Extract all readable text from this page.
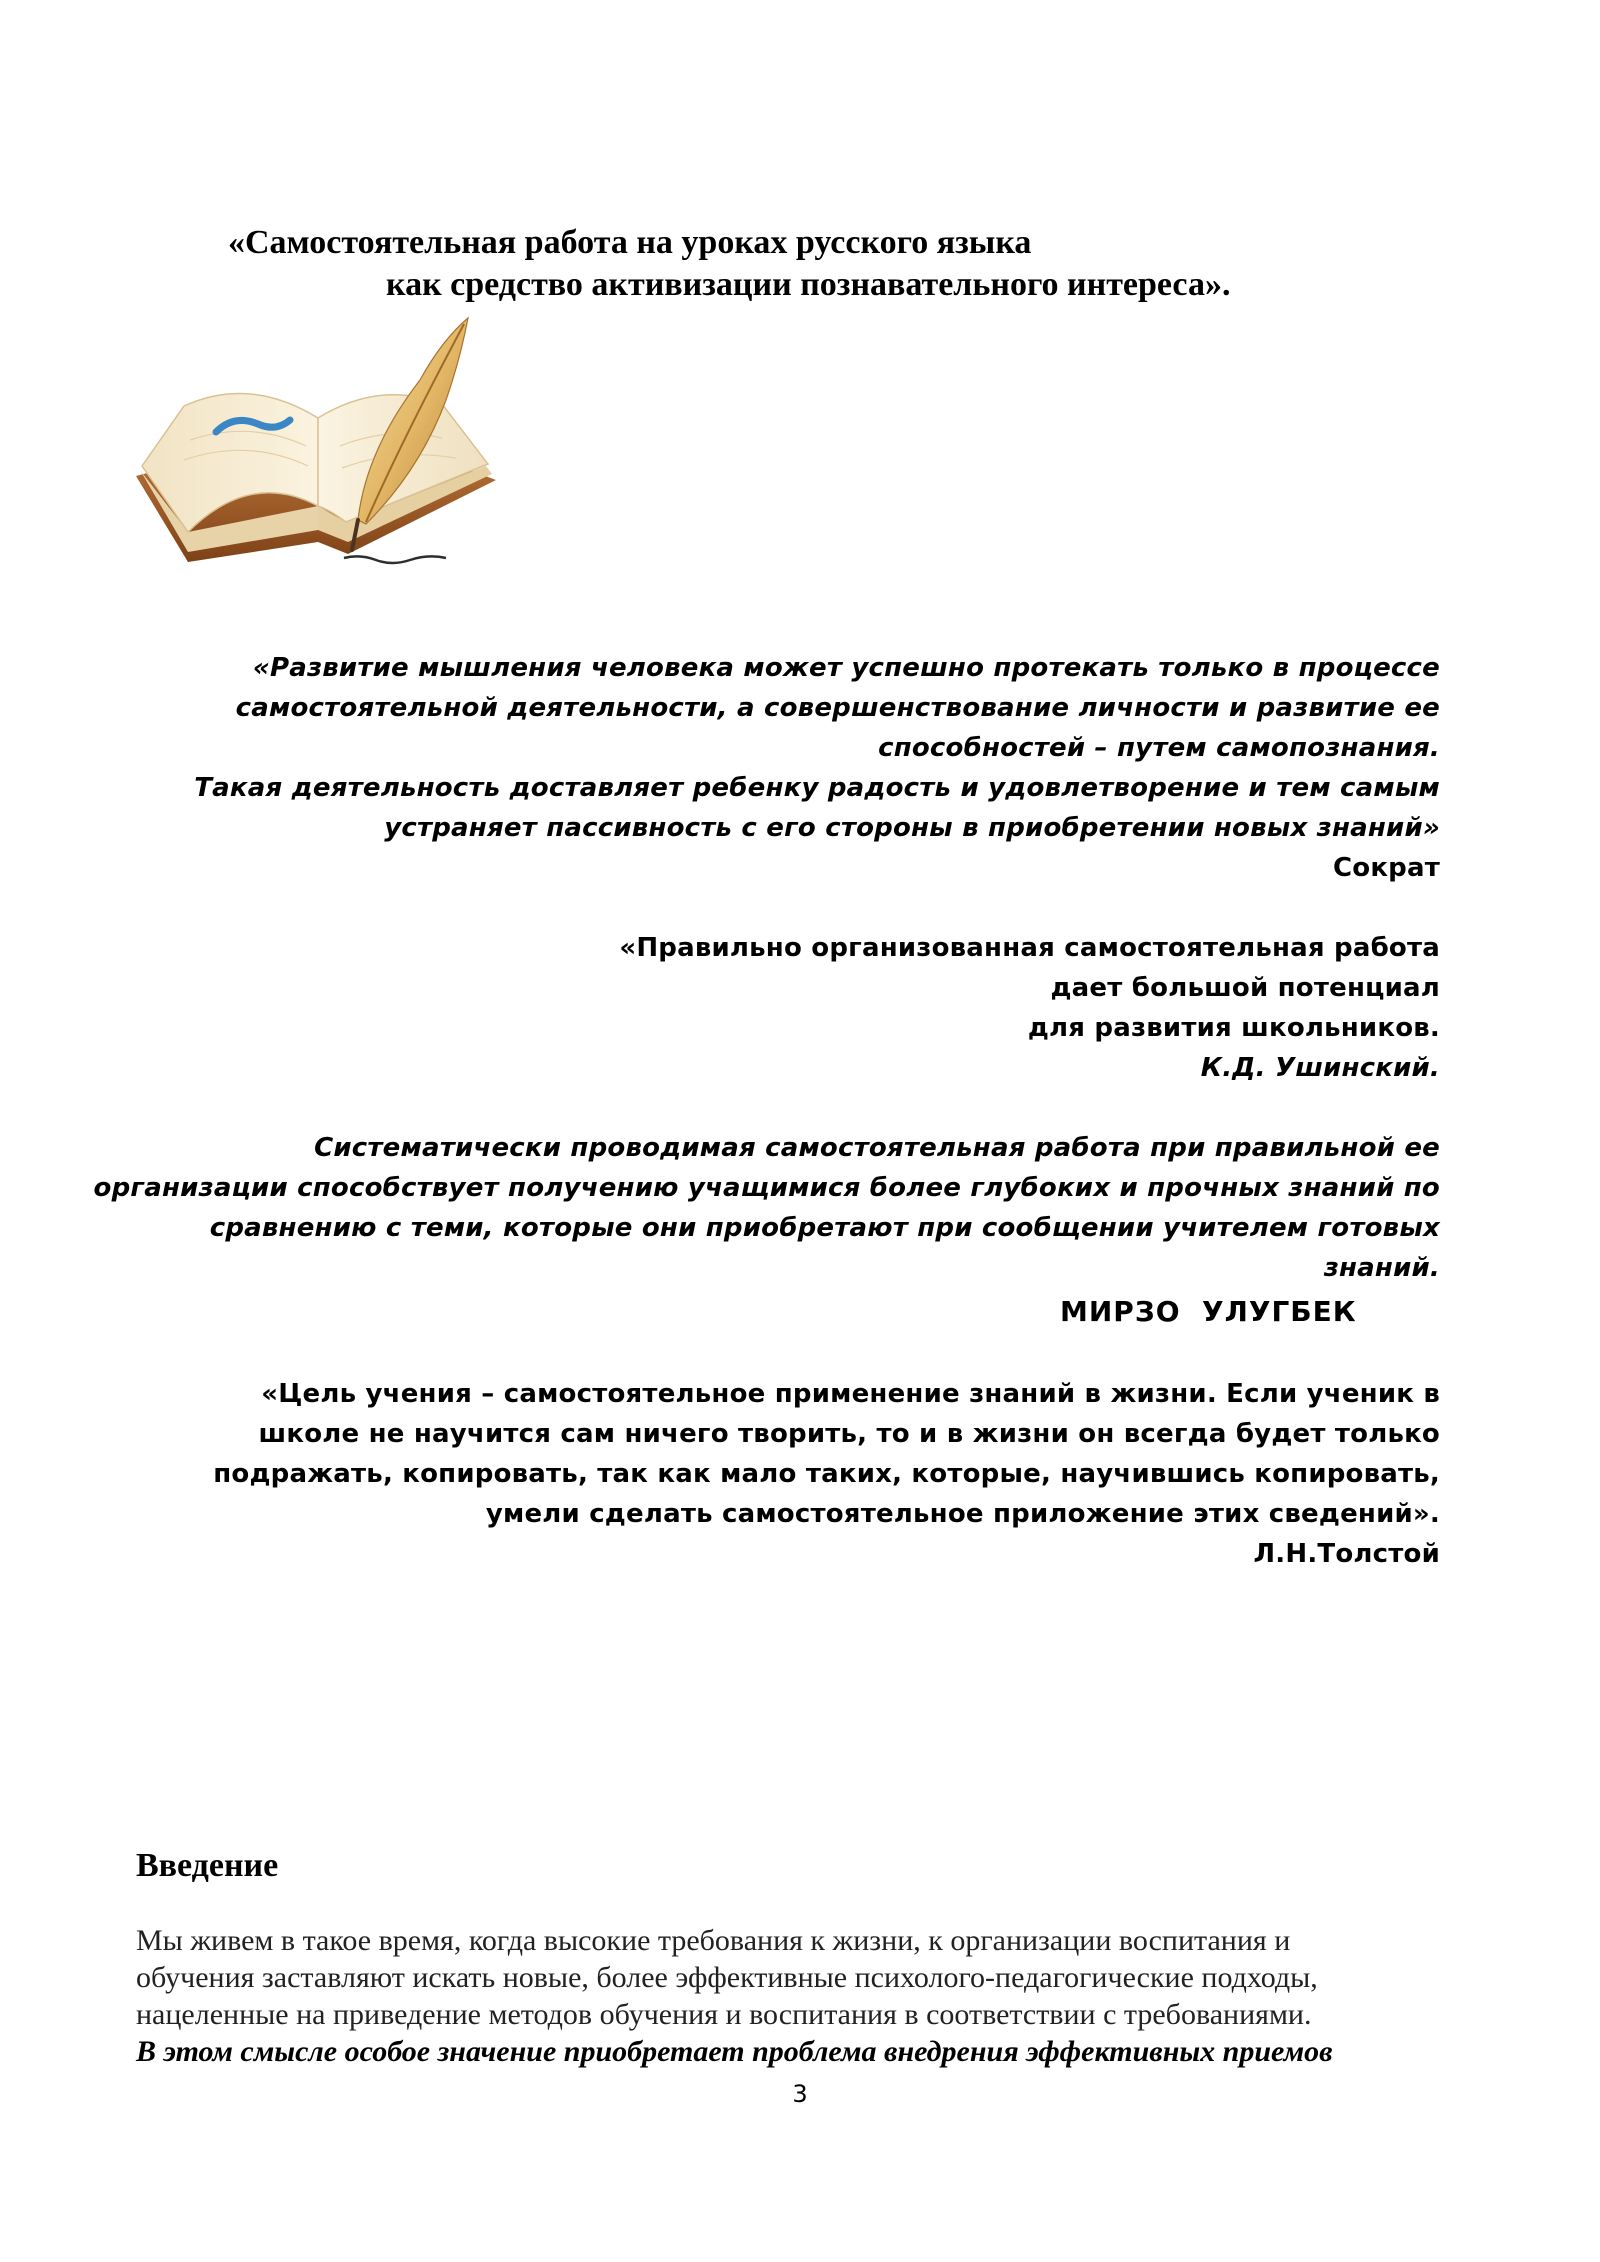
«Самостоятельная работа на уроках русского языка
как средство активизации познавательного интереса».
«Развитие мышления человека может успешно протекать только в процессе
самостоятельной деятельности, а совершенствование личности и развитие ее
способностей – путем самопознания.
Такая деятельность доставляет ребенку радость и удовлетворение и тем самым
устраняет пассивность с его стороны в приобретении новых знаний»
Сократ
«Правильно организованная самостоятельная работа
дает большой потенциал
для развития школьников.
К.Д. Ушинский.
Систематически проводимая самостоятельная работа при правильной ее
организации способствует получению учащимися более глубоких и прочных знаний по
сравнению с теми, которые они приобретают при сообщении учителем готовых
знаний.
МИРЗО  УЛУГБЕК
«Цель учения – самостоятельное применение знаний в жизни. Если ученик в
школе не научится сам ничего творить, то и в жизни он всегда будет только
подражать, копировать, так как мало таких, которые, научившись копировать,
умели сделать самостоятельное приложение этих сведений».
Л.Н.Толстой
Введение
Мы живем в такое время, когда высокие требования к жизни, к организации воспитания и
обучения заставляют искать новые, более эффективные психолого-педагогические подходы,
нацеленные на приведение методов обучения и воспитания в соответствии с требованиями.
В этом смысле особое значение приобретает проблема внедрения эффективных приемов
3
